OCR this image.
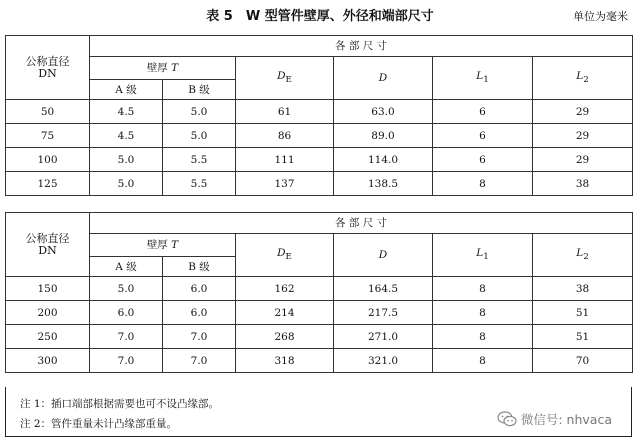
表 5　W 型管件壁厚、外径和端部尺寸	单位为毫米
公称直径
DN	各 部 尺 寸					
	壁厚 T		$D_E$	D	$L_1$	$L_2$
	A 级	B 级				
50	4.5	5.0	61	63.0	6	29
75	4.5	5.0	86	89.0	6	29
100	5.0	5.5	111	114.0	6	29
125	5.0	5.5	137	138.5	8	38
公称直径
DN	各 部 尺 寸					
	壁厚 T		$D_E$	D	$L_1$	$L_2$
	A 级	B 级				
150	5.0	6.0	162	164.5	8	38
200	6.0	6.0	214	217.5	8	51
250	7.0	7.0	268	271.0	8	51
300	7.0	7.0	318	321.0	8	70
注 1：插口端部根据需要也可不设凸缘部。
注 2：管件重量未计凸缘部重量。	微信号: nhvaca
